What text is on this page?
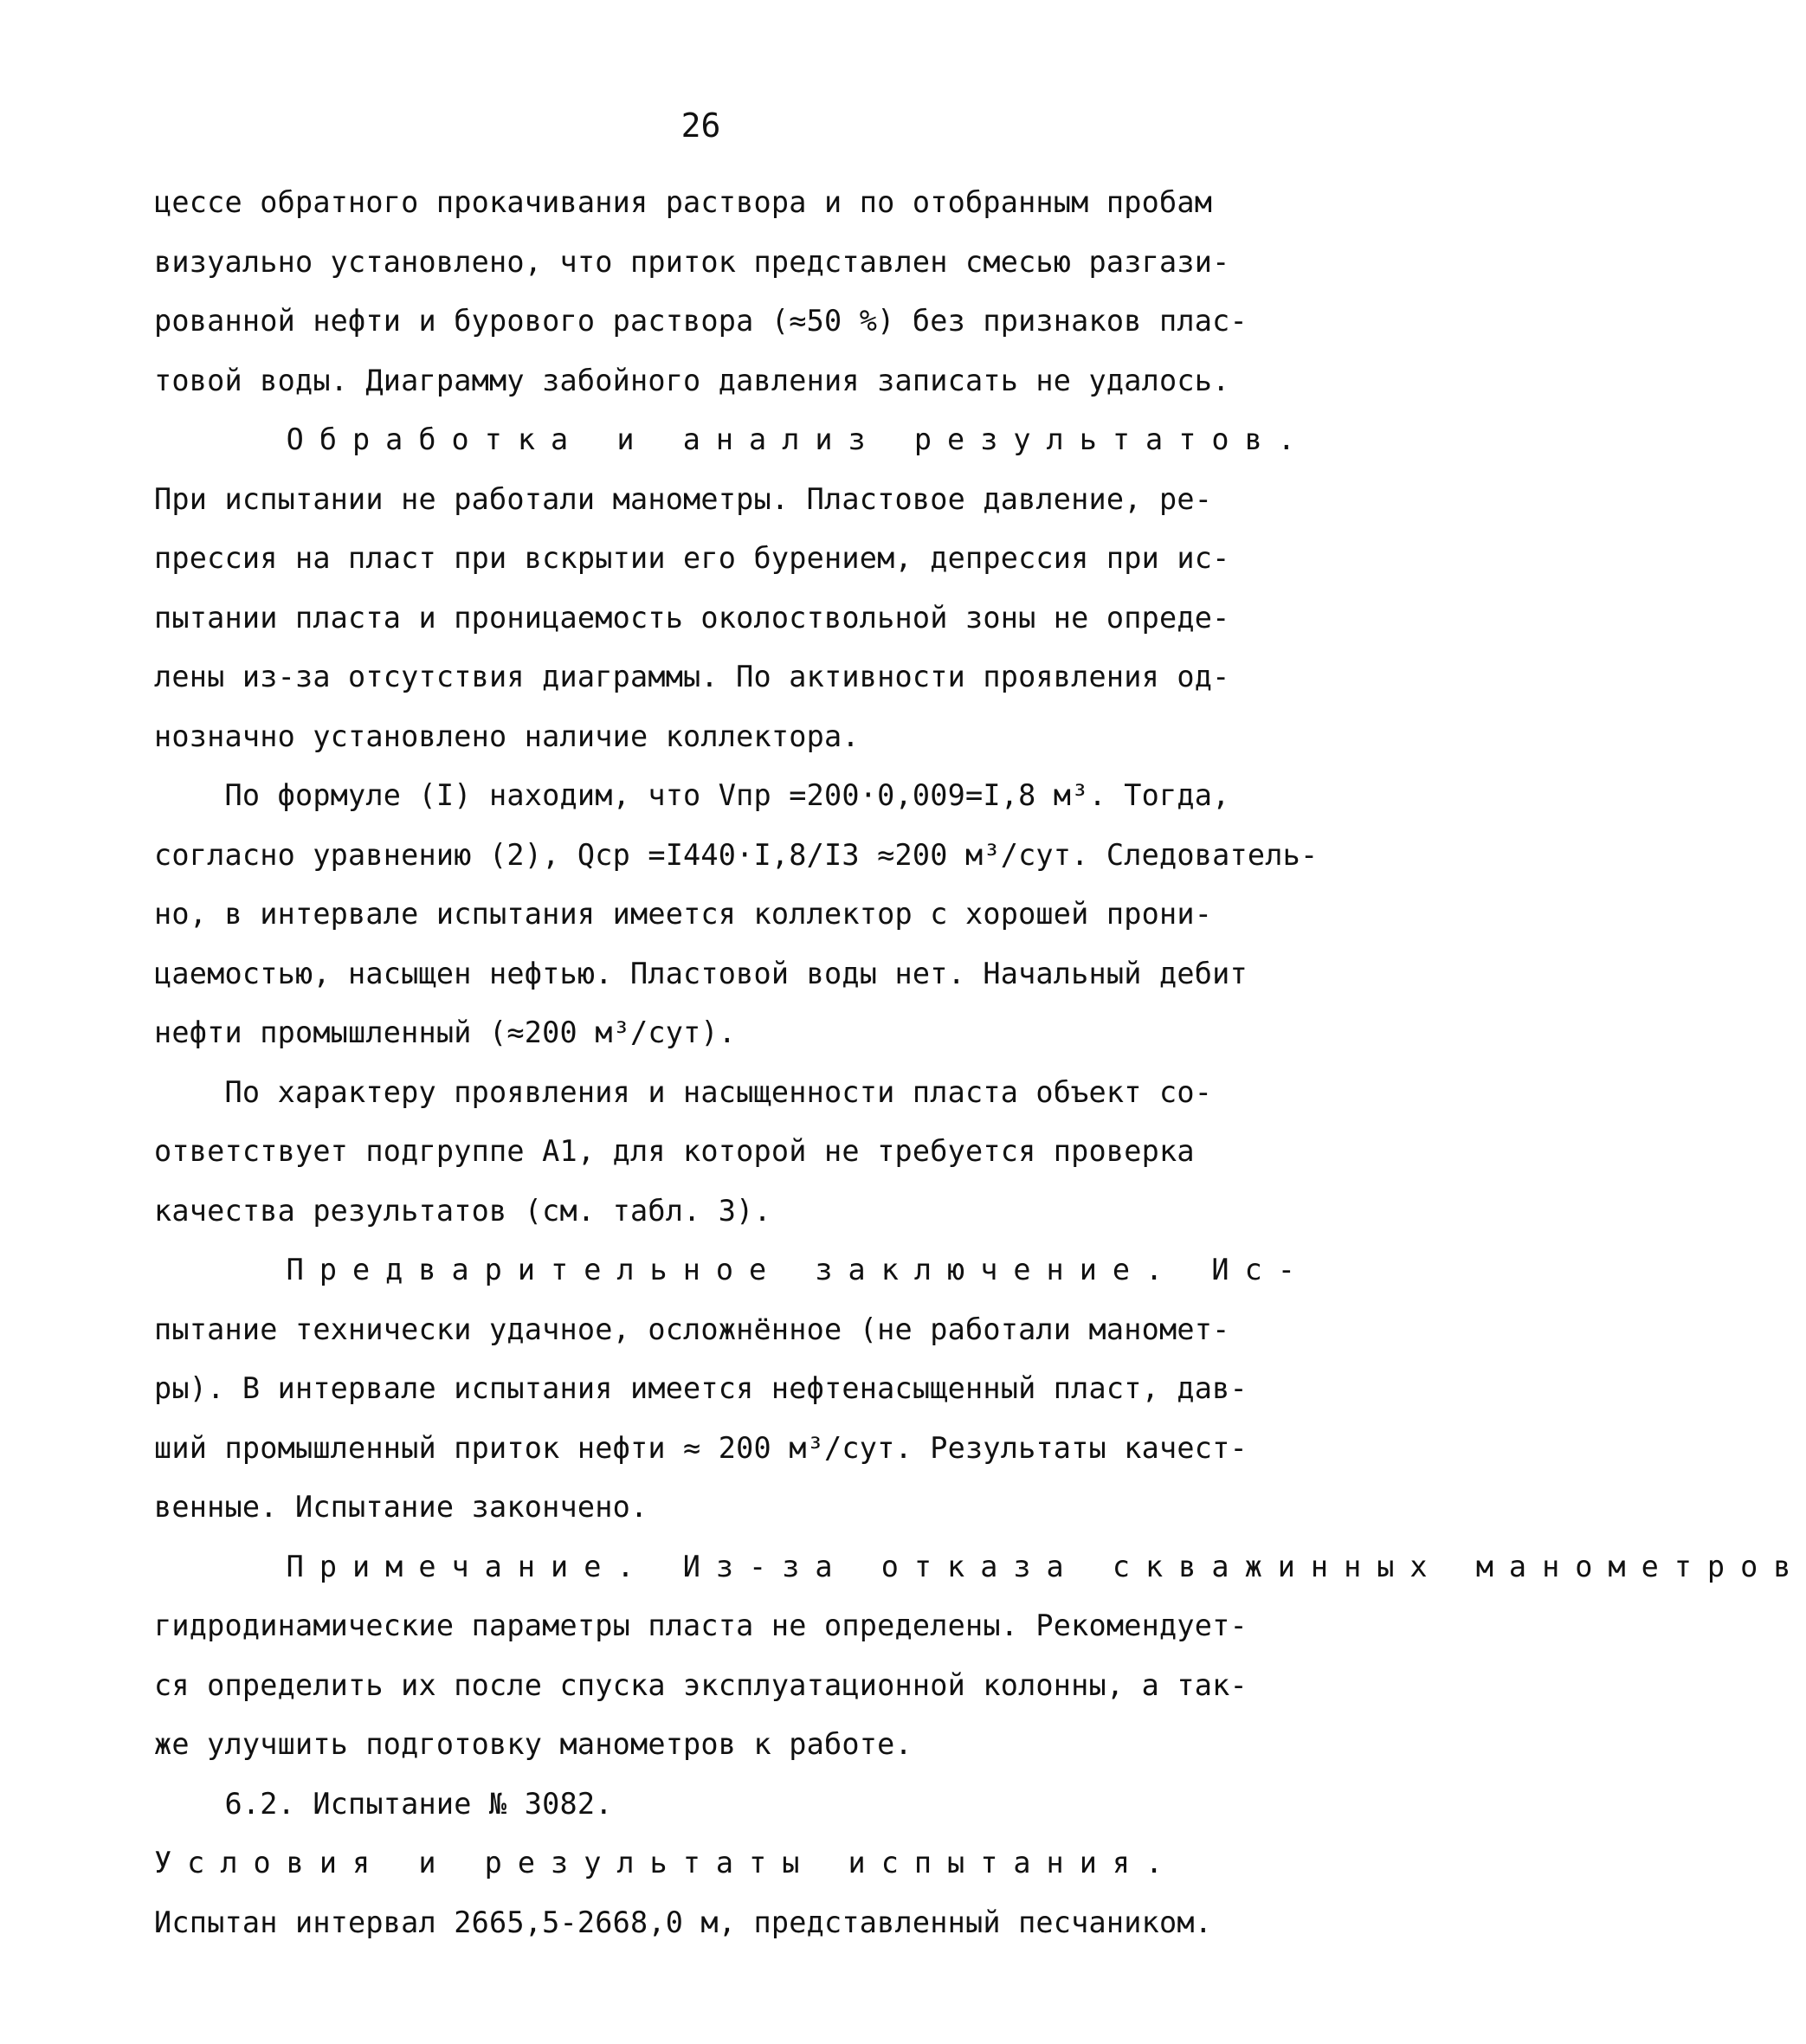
26
цессе обратного прокачивания раствора и по отобранным пробам
визуально установлено, что приток представлен смесью разгази-
рованной нефти и бурового раствора (≈50 %) без признаков плас-
товой воды. Диаграмму забойного давления записать не удалось.
Обработка и анализ результатов.
При испытании не работали манометры. Пластовое давление, ре-
прессия на пласт при вскрытии его бурением, депрессия при ис-
пытании пласта и проницаемость околоствольной зоны не опреде-
лены из-за отсутствия диаграммы. По активности проявления од-
нозначно установлено наличие коллектора.
По формуле (I) находим, что Vпр =200·0,009=I,8 м³. Тогда,
согласно уравнению (2), Qср =I440·I,8/I3 ≈200 м³/сут. Следователь-
но, в интервале испытания имеется коллектор с хорошей прони-
цаемостью, насыщен нефтью. Пластовой воды нет. Начальный дебит
нефти промышленный (≈200 м³/сут).
По характеру проявления и насыщенности пласта объект со-
ответствует подгруппе А1, для которой не требуется проверка
качества результатов (см. табл. 3).
Предварительное заключение. Ис-
пытание технически удачное, осложнённое (не работали маномет-
ры). В интервале испытания имеется нефтенасыщенный пласт, дав-
ший промышленный приток нефти ≈ 200 м³/сут. Результаты качест-
венные. Испытание закончено.
Примечание. Из-за отказа скважинных манометров
гидродинамические параметры пласта не определены. Рекомендует-
ся определить их после спуска эксплуатационной колонны, а так-
же улучшить подготовку манометров к работе.
6.2. Испытание № 3082.
Условия и результаты испытания.
Испытан интервал 2665,5-2668,0 м, представленный песчаником.
